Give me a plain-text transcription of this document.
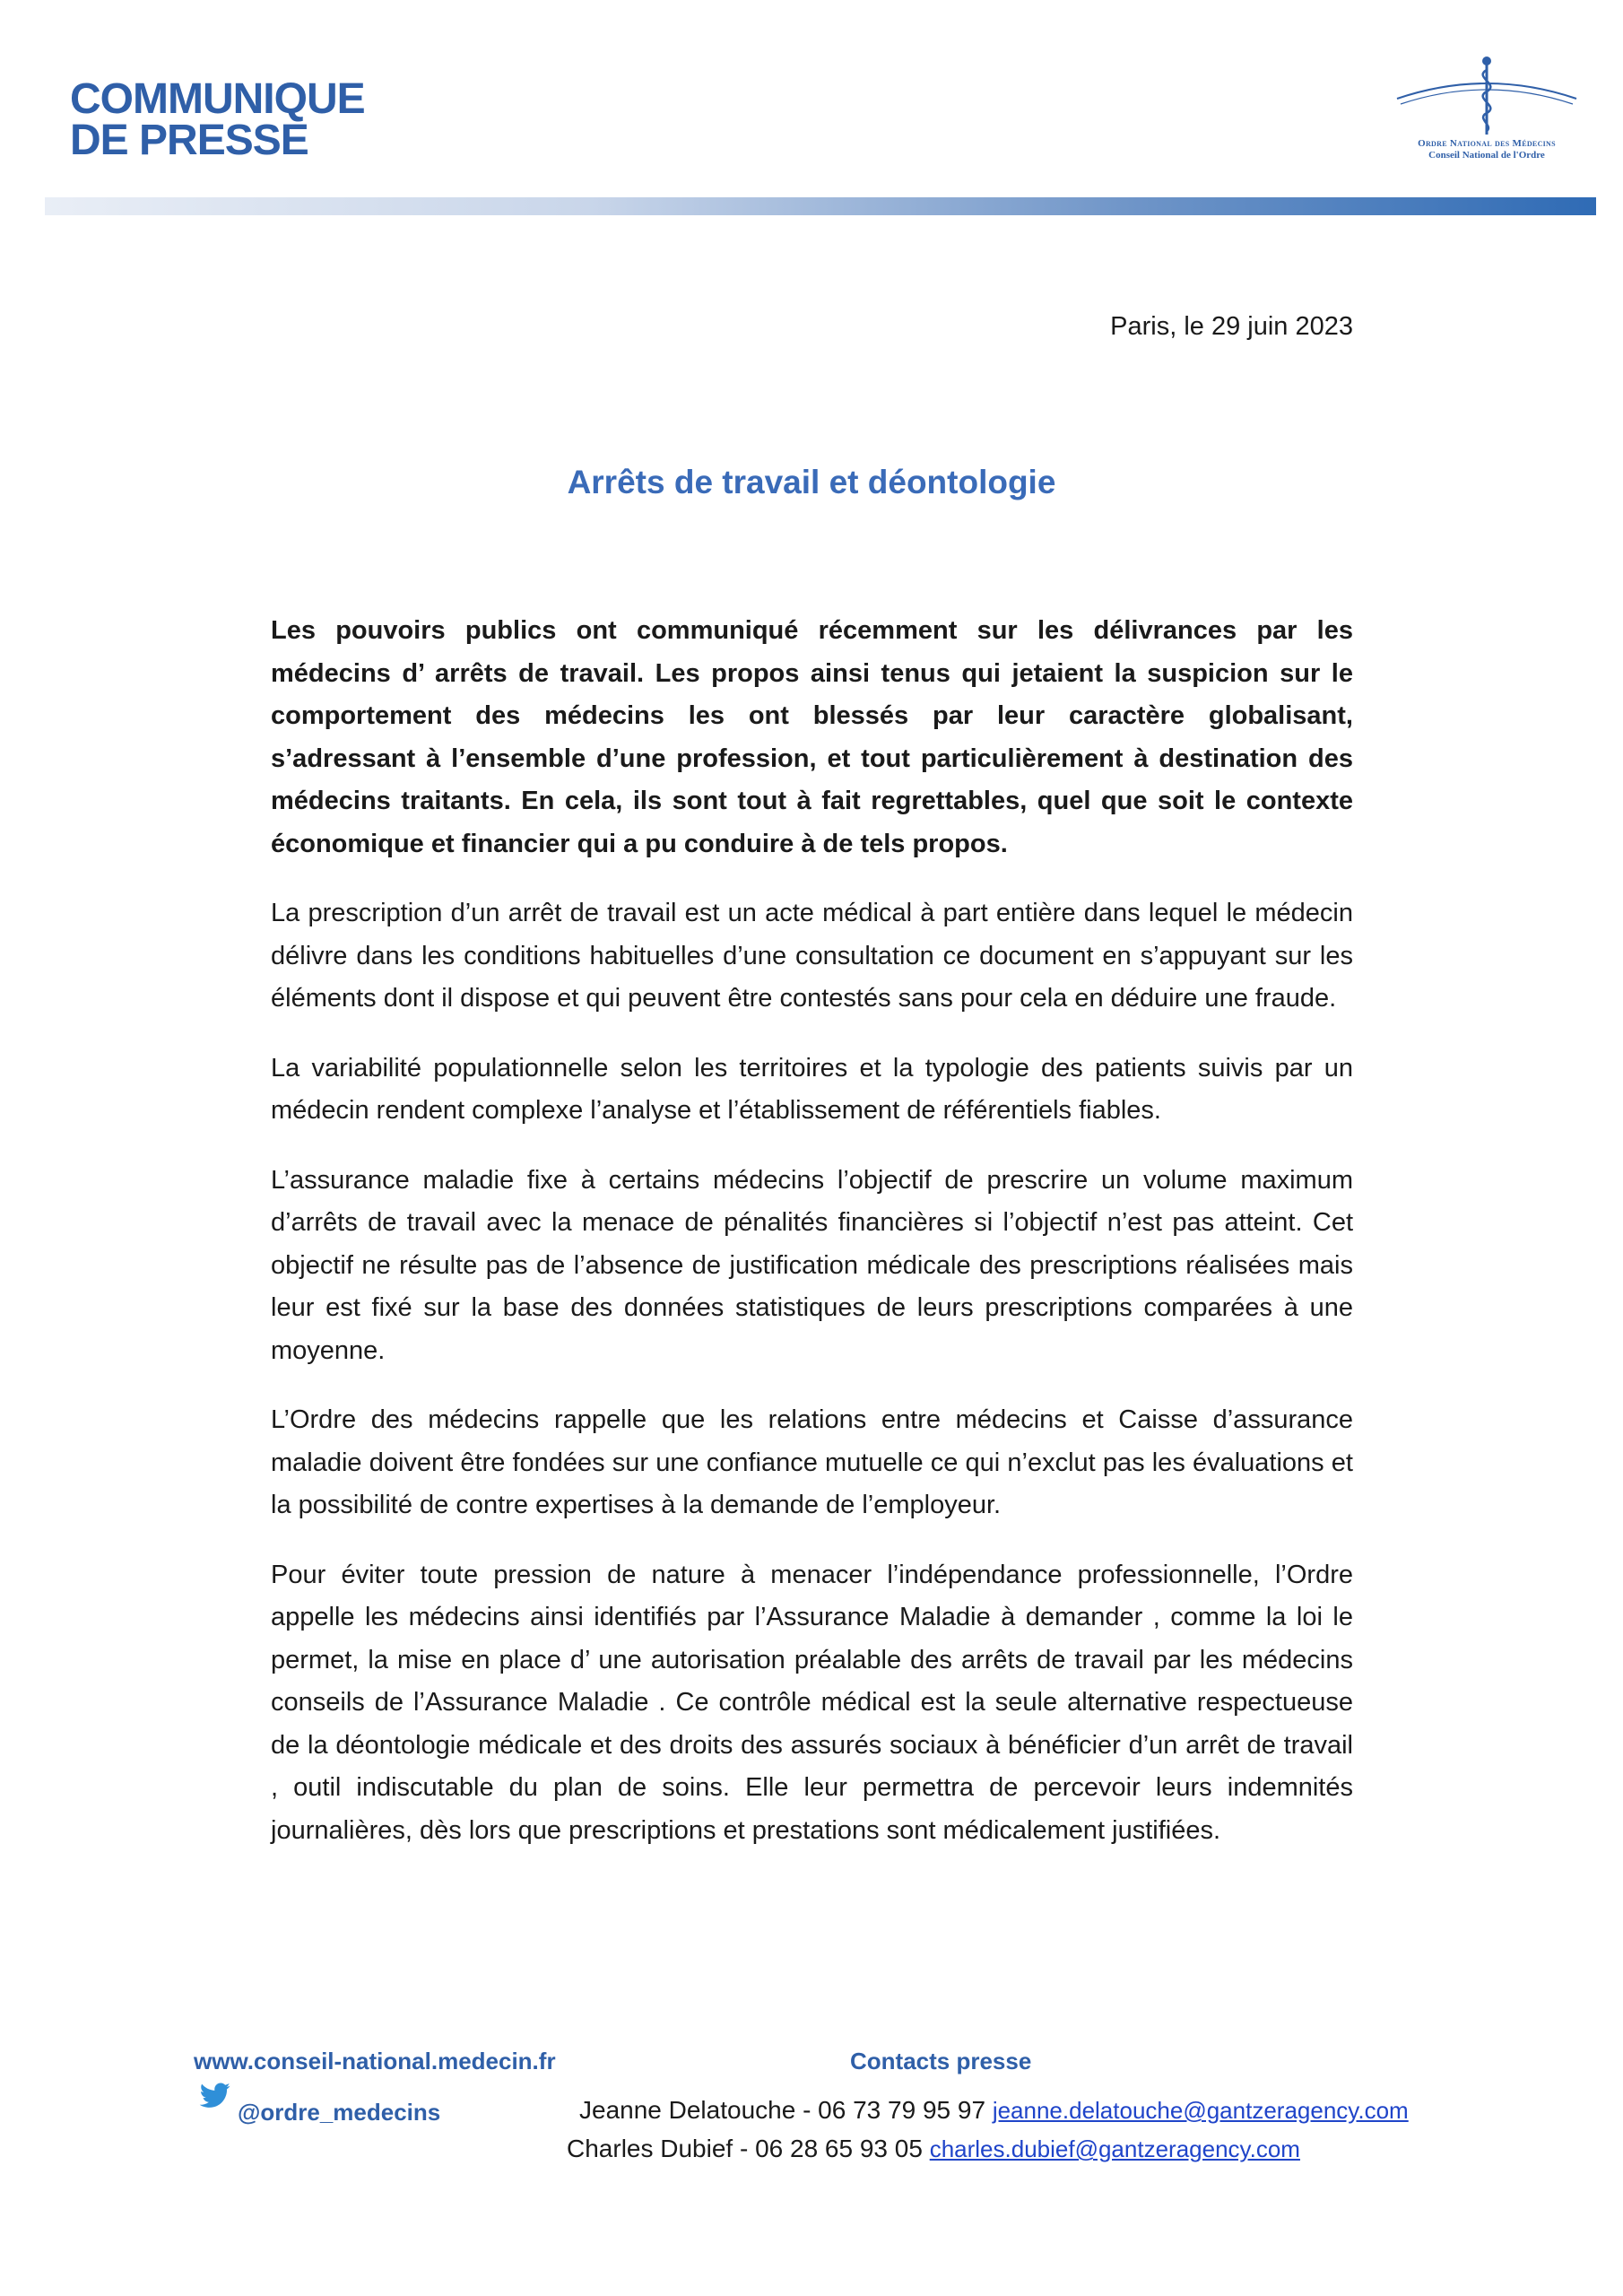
COMMUNIQUE
DE PRESSE	Ordre National des Médecins
Conseil National de l'Ordre
Paris, le 29 juin 2023
Arrêts de travail et déontologie

Les pouvoirs publics ont communiqué récemment sur les délivrances par les médecins d’ arrêts de travail. Les propos ainsi tenus qui jetaient la suspicion sur le comportement des médecins les ont blessés par leur caractère globalisant, s’adressant à l’ensemble d’une profession, et tout particulièrement à destination des médecins traitants. En cela, ils sont tout à fait regrettables, quel que soit le contexte économique et financier qui a pu conduire à de tels propos.

La prescription d’un arrêt de travail est un acte médical à part entière dans lequel le médecin délivre dans les conditions habituelles d’une consultation ce document en s’appuyant sur les éléments dont il dispose et qui peuvent être contestés sans pour cela en déduire une fraude.

La variabilité populationnelle selon les territoires et la typologie des patients suivis par un médecin rendent complexe l’analyse et l’établissement de référentiels fiables.

L’assurance maladie fixe à certains médecins l’objectif de prescrire un volume maximum d’arrêts de travail avec la menace de pénalités financières si l’objectif n’est pas atteint. Cet objectif ne résulte pas de l’absence de justification médicale des prescriptions réalisées mais leur est fixé sur la base des données statistiques de leurs prescriptions comparées à une moyenne.

L’Ordre des médecins rappelle que les relations entre médecins et Caisse d’assurance maladie doivent être fondées sur une confiance mutuelle ce qui n’exclut pas les évaluations et la possibilité de contre expertises à la demande de l’employeur.

Pour éviter toute pression de nature à menacer l’indépendance professionnelle, l’Ordre appelle les médecins ainsi identifiés par l’Assurance Maladie à demander , comme la loi le permet, la mise en place d’ une autorisation préalable des arrêts de travail par les médecins conseils de l’Assurance Maladie . Ce contrôle médical est la seule alternative respectueuse de la déontologie médicale et des droits des assurés sociaux à bénéficier d’un arrêt de travail , outil indiscutable du plan de soins. Elle leur permettra de percevoir leurs indemnités journalières, dès lors que prescriptions et prestations sont médicalement justifiées.

www.conseil-national.medecin.fr	Contacts presse
@ordre_medecins	Jeanne Delatouche - 06 73 79 95 97 jeanne.delatouche@gantzeragency.com
Charles Dubief - 06 28 65 93 05 charles.dubief@gantzeragency.com
